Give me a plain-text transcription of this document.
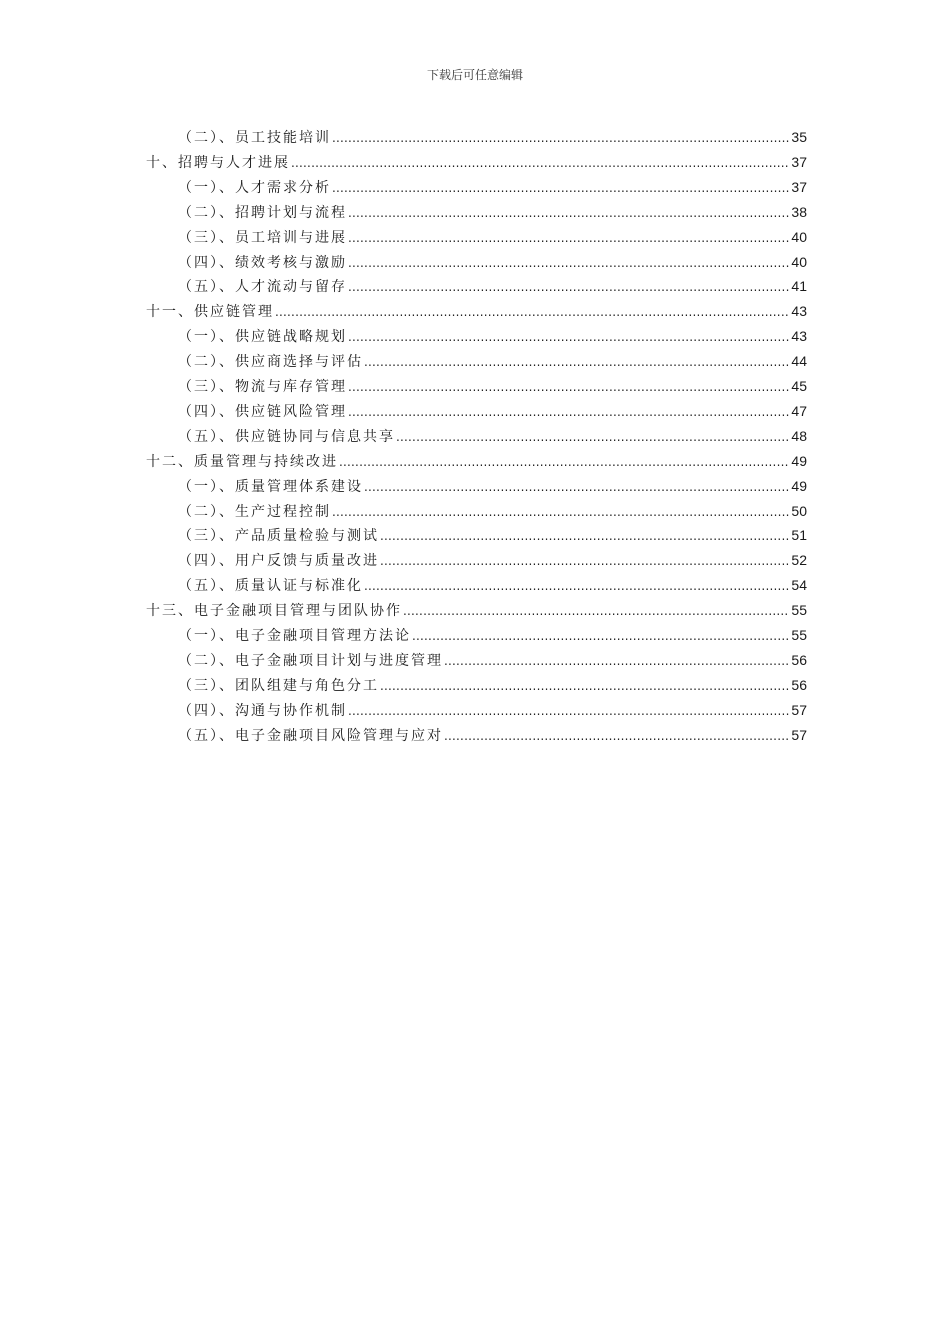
下载后可任意编辑
（二）、员工技能培训 .....	35
十、招聘与人才进展 .....	37
（一）、人才需求分析 .....	37
（二）、招聘计划与流程 .....	38
（三）、员工培训与进展 .....	40
（四）、绩效考核与激励 .....	40
（五）、人才流动与留存 .....	41
十一、供应链管理 .....	43
（一）、供应链战略规划 .....	43
（二）、供应商选择与评估 .....	44
（三）、物流与库存管理 .....	45
（四）、供应链风险管理 .....	47
（五）、供应链协同与信息共享 .....	48
十二、质量管理与持续改进 .....	49
（一）、质量管理体系建设 .....	49
（二）、生产过程控制 .....	50
（三）、产品质量检验与测试 .....	51
（四）、用户反馈与质量改进 .....	52
（五）、质量认证与标准化 .....	54
十三、电子金融项目管理与团队协作 .....	55
（一）、电子金融项目管理方法论 .....	55
（二）、电子金融项目计划与进度管理 .....	56
（三）、团队组建与角色分工 .....	56
（四）、沟通与协作机制 .....	57
（五）、电子金融项目风险管理与应对 .....	57
